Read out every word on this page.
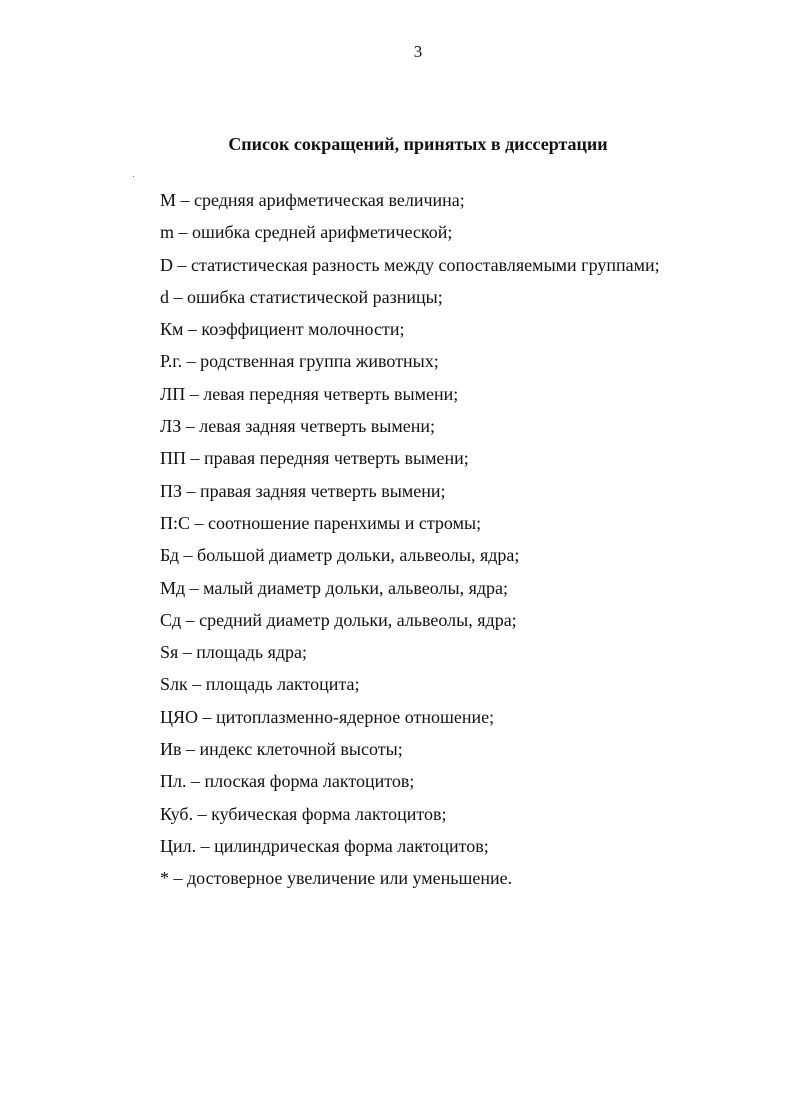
3
Список сокращений, принятых в диссертации
М – средняя арифметическая величина;
m – ошибка средней арифметической;
D – статистическая разность между сопоставляемыми группами;
d – ошибка статистической разницы;
Км – коэффициент молочности;
Р.г. – родственная группа животных;
ЛП – левая передняя четверть вымени;
ЛЗ – левая задняя четверть вымени;
ПП – правая передняя четверть вымени;
ПЗ – правая задняя четверть вымени;
П:С – соотношение паренхимы и стромы;
Бд – большой диаметр дольки, альвеолы, ядра;
Мд – малый диаметр дольки, альвеолы, ядра;
Сд – средний диаметр дольки, альвеолы, ядра;
Sя – площадь ядра;
Sлк – площадь лактоцита;
ЦЯО – цитоплазменно-ядерное отношение;
Ив – индекс клеточной высоты;
Пл. – плоская форма лактоцитов;
Куб. – кубическая форма лактоцитов;
Цил. – цилиндрическая форма лактоцитов;
* – достоверное увеличение или уменьшение.
